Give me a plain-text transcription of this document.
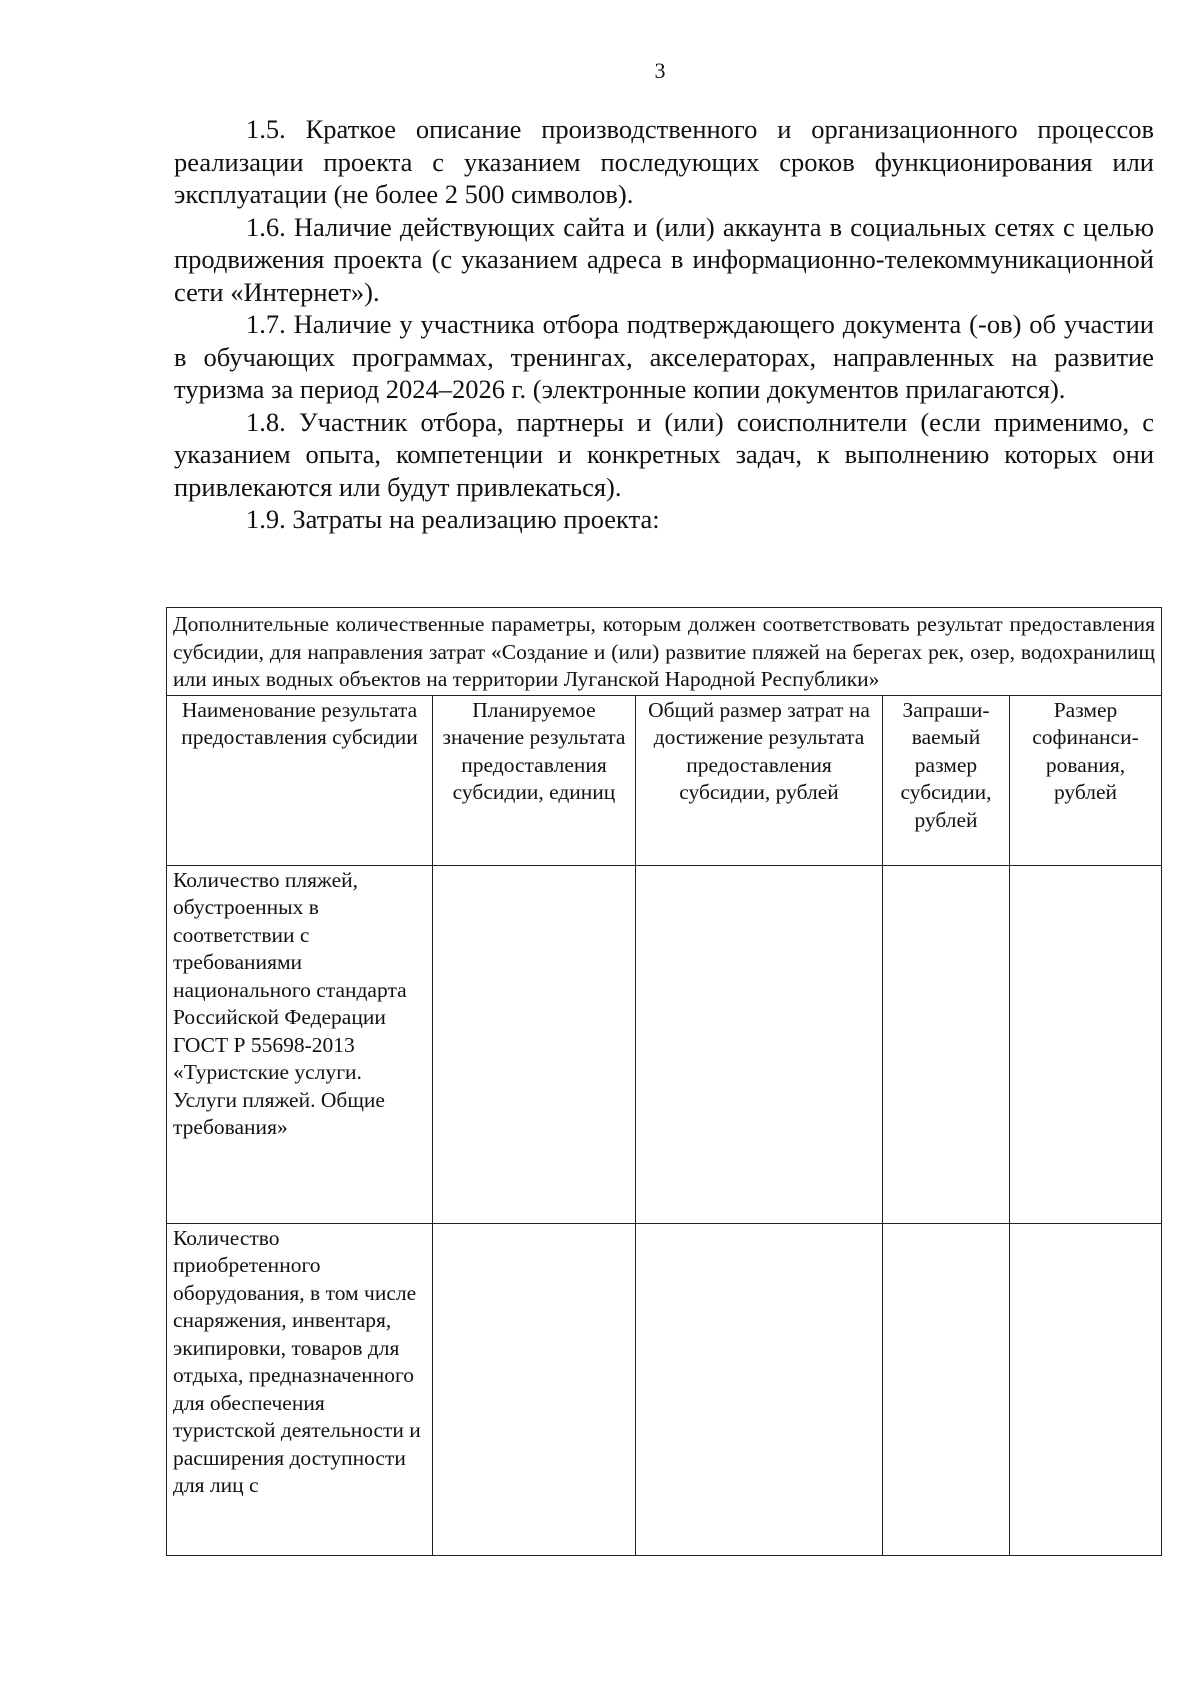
3

1.5. Краткое описание производственного и организационного процессов реализации проекта с указанием последующих сроков функционирования или эксплуатации (не более 2 500 символов).

1.6. Наличие действующих сайта и (или) аккаунта в социальных сетях с целью продвижения проекта (с указанием адреса в информационно-телекоммуникационной сети «Интернет»).

1.7. Наличие у участника отбора подтверждающего документа (-ов) об участии в обучающих программах, тренингах, акселераторах, направленных на развитие туризма за период 2024–2026 г. (электронные копии документов прилагаются).

1.8. Участник отбора, партнеры и (или) соисполнители (если применимо, с указанием опыта, компетенции и конкретных задач, к выполнению которых они привлекаются или будут привлекаться).

1.9. Затраты на реализацию проекта:

Дополнительные количественные параметры, которым должен соответствовать результат предоставления субсидии, для направления затрат «Создание и (или) развитие пляжей на берегах рек, озер, водохранилищ или иных водных объектов на территории Луганской Народной Республики»				
Наименование результата предоставления субсидии	Планируемое значение результата предоставления субсидии, единиц	Общий размер затрат на достижение результата предоставления субсидии, рублей	Запраши-ваемый размер субсидии, рублей	Размер софинанси-рования, рублей
Количество пляжей, обустроенных в соответствии с требованиями национального стандарта Российской Федерации ГОСТ Р 55698-2013 «Туристские услуги. Услуги пляжей. Общие требования»				
Количество приобретенного оборудования, в том числе снаряжения, инвентаря, экипировки, товаров для отдыха, предназначенного для обеспечения туристской деятельности и расширения доступности для лиц с				
